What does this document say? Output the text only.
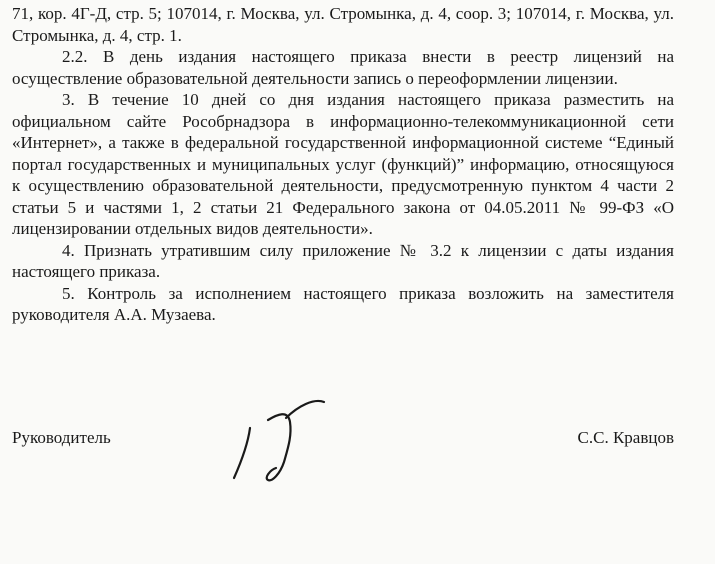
71, кор. 4Г-Д, стр. 5; 107014, г. Москва, ул. Стромынка, д. 4, соор. 3; 107014, г. Москва, ул. Стромынка, д. 4, стр. 1.

2.2. В день издания настоящего приказа внести в реестр лицензий на осуществление образовательной деятельности запись о переоформлении лицензии.

3. В течение 10 дней со дня издания настоящего приказа разместить на официальном сайте Рособрнадзора в информационно-телекоммуникационной сети «Интернет», а также в федеральной государственной информационной системе “Единый портал государственных и муниципальных услуг (функций)” информацию, относящуюся к осуществлению образовательной деятельности, предусмотренную пунктом 4 части 2 статьи 5 и частями 1, 2 статьи 21 Федерального закона от 04.05.2011 № 99-ФЗ «О лицензировании отдельных видов деятельности».

4. Признать утратившим силу приложение № 3.2 к лицензии с даты издания настоящего приказа.

5. Контроль за исполнением настоящего приказа возложить на заместителя руководителя А.А. Музаева.

Руководитель	С.С. Кравцов
